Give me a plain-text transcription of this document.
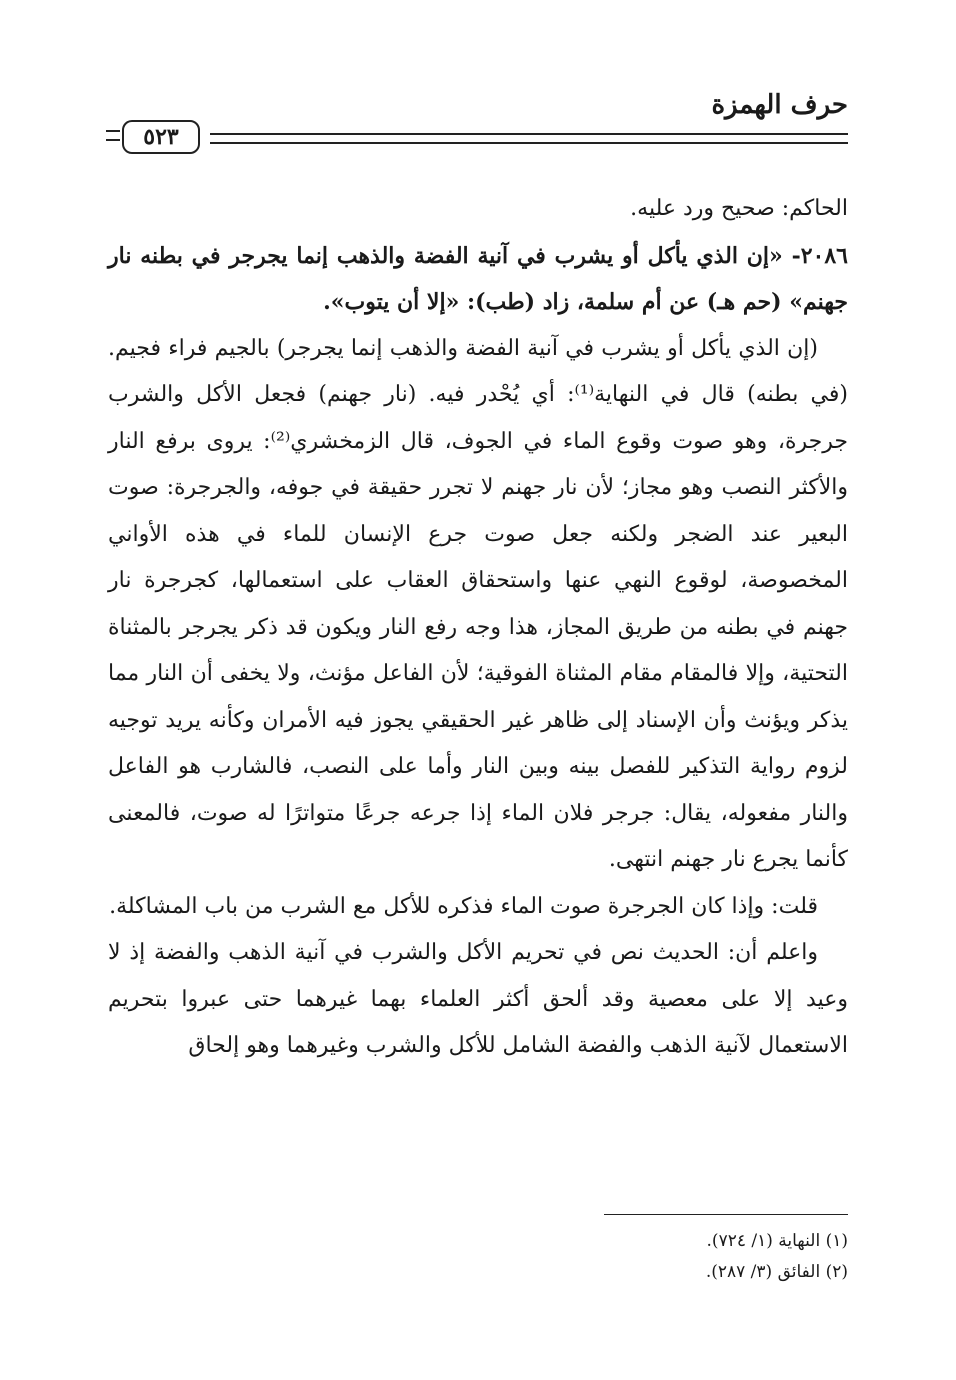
حرف الهمزة
٥٢٣

الحاكم: صحيح ورد عليه.

٢٠٨٦- «إن الذي يأكل أو يشرب في آنية الفضة والذهب إنما يجرجر في بطنه نار جهنم» (حم هـ) عن أم سلمة، زاد (طب): «إلا أن يتوب».

(إن الذي يأكل أو يشرب في آنية الفضة والذهب إنما يجرجر) بالجيم فراء فجيم. (في بطنه) قال في النهاية⁽¹⁾: أي يُحْدر فيه. (نار جهنم) فجعل الأكل والشرب جرجرة، وهو صوت وقوع الماء في الجوف، قال الزمخشري⁽²⁾: يروى برفع النار والأكثر النصب وهو مجاز؛ لأن نار جهنم لا تجرر حقيقة في جوفه، والجرجرة: صوت البعير عند الضجر ولكنه جعل صوت جرع الإنسان للماء في هذه الأواني المخصوصة، لوقوع النهي عنها واستحقاق العقاب على استعمالها، كجرجرة نار جهنم في بطنه من طريق المجاز، هذا وجه رفع النار ويكون قد ذكر يجرجر بالمثناة التحتية، وإلا فالمقام مقام المثناة الفوقية؛ لأن الفاعل مؤنث، ولا يخفى أن النار مما يذكر ويؤنث وأن الإسناد إلى ظاهر غير الحقيقي يجوز فيه الأمران وكأنه يريد توجيه لزوم رواية التذكير للفصل بينه وبين النار وأما على النصب، فالشارب هو الفاعل والنار مفعوله، يقال: جرجر فلان الماء إذا جرعه جرعًا متواترًا له صوت، فالمعنى كأنما يجرع نار جهنم انتهى.

قلت: وإذا كان الجرجرة صوت الماء فذكره للأكل مع الشرب من باب المشاكلة.

واعلم أن: الحديث نص في تحريم الأكل والشرب في آنية الذهب والفضة إذ لا وعيد إلا على معصية وقد ألحق أكثر العلماء بهما غيرهما حتى عبروا بتحريم الاستعمال لآنية الذهب والفضة الشامل للأكل والشرب وغيرهما وهو إلحاق

(١) النهاية (١/ ٧٢٤).

(٢) الفائق (٣/ ٢٨٧).
